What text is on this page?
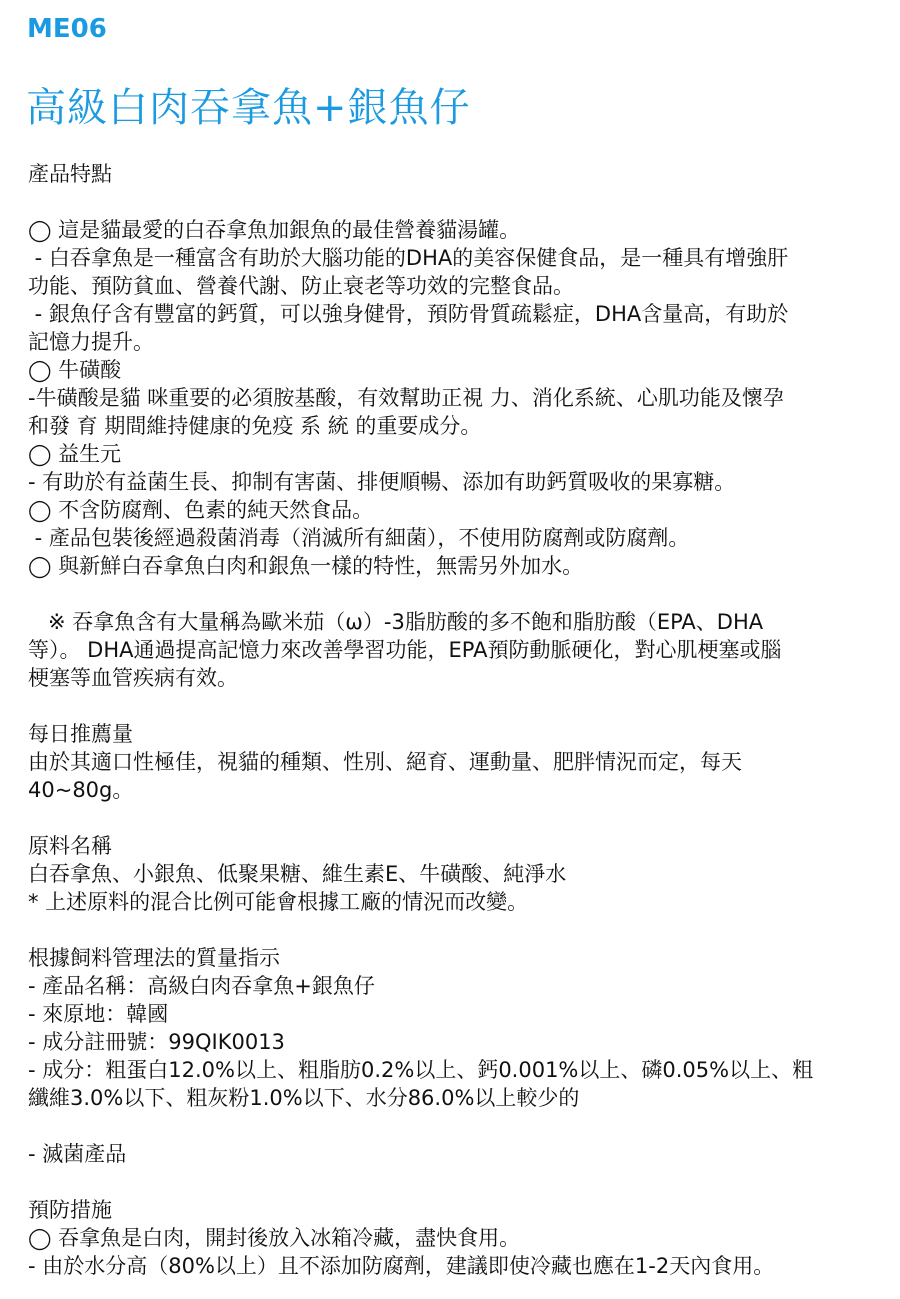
ME06
高級白肉吞拿魚+銀魚仔
產品特點
◯ 這是貓最愛的白吞拿魚加銀魚的最佳營養貓湯罐。
- 白吞拿魚是一種富含有助於大腦功能的DHA的美容保健食品，是一種具有增強肝
功能、預防貧血、營養代謝、防止衰老等功效的完整食品。
- 銀魚仔含有豐富的鈣質，可以強身健骨，預防骨質疏鬆症，DHA含量高，有助於
記憶力提升。
◯ 牛磺酸
-牛磺酸是貓 咪重要的必須胺基酸，有效幫助正視 力、消化系統、心肌功能及懷孕
和發 育 期間維持健康的免疫 系 統 的重要成分。
◯ 益生元
- 有助於有益菌生長、抑制有害菌、排便順暢、添加有助鈣質吸收的果寡糖。
◯ 不含防腐劑、色素的純天然食品。
- 產品包裝後經過殺菌消毒（消滅所有細菌），不使用防腐劑或防腐劑。
◯ 與新鮮白吞拿魚白肉和銀魚一樣的特性，無需另外加水。
※ 吞拿魚含有大量稱為歐米茄（ω）-3脂肪酸的多不飽和脂肪酸（EPA、DHA
等）。 DHA通過提高記憶力來改善學習功能，EPA預防動脈硬化，對心肌梗塞或腦
梗塞等血管疾病有效。
每日推薦量
由於其適口性極佳，視貓的種類、性別、絕育、運動量、肥胖情況而定，每天
40~80g。
原料名稱
白吞拿魚、小銀魚、低聚果糖、維生素E、牛磺酸、純淨水
* 上述原料的混合比例可能會根據工廠的情況而改變。
根據飼料管理法的質量指示
- 產品名稱：高級白肉吞拿魚+銀魚仔
- 來原地：韓國
- 成分註冊號：99QIK0013
- 成分：粗蛋白12.0%以上、粗脂肪0.2%以上、鈣0.001%以上、磷0.05%以上、粗
纖維3.0%以下、粗灰粉1.0%以下、水分86.0%以上較少的
- 滅菌產品
預防措施
◯ 吞拿魚是白肉，開封後放入冰箱冷藏，盡快食用。
- 由於水分高（80%以上）且不添加防腐劑，建議即使冷藏也應在1-2天內食用。
